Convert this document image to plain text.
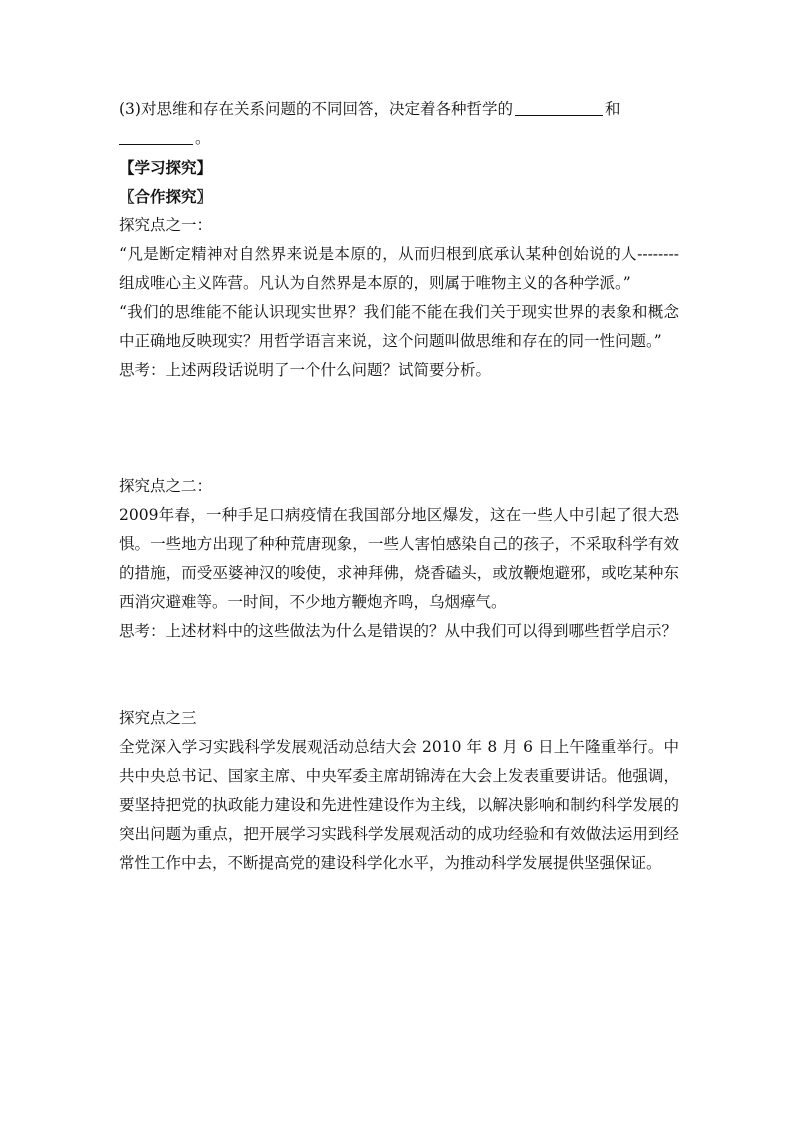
(3)对思维和存在关系问题的不同回答，决定着各种哲学的	和
。
【学习探究】
〖合作探究〗
探究点之一：
“凡是断定精神对自然界来说是本原的，从而归根到底承认某种创始说的人--------组成唯心主义阵营。凡认为自然界是本原的，则属于唯物主义的各种学派。”
“我们的思维能不能认识现实世界？我们能不能在我们关于现实世界的表象和概念中正确地反映现实？用哲学语言来说，这个问题叫做思维和存在的同一性问题。”
思考：上述两段话说明了一个什么问题？试简要分析。
探究点之二：
2009年春，一种手足口病疫情在我国部分地区爆发，这在一些人中引起了很大恐惧。一些地方出现了种种荒唐现象，一些人害怕感染自己的孩子，不采取科学有效的措施，而受巫婆神汉的唆使，求神拜佛，烧香磕头，或放鞭炮避邪，或吃某种东西消灾避难等。一时间，不少地方鞭炮齐鸣，乌烟瘴气。
思考：上述材料中的这些做法为什么是错误的？从中我们可以得到哪些哲学启示？
探究点之三
全党深入学习实践科学发展观活动总结大会 2010 年 8 月 6 日上午隆重举行。中共中央总书记、国家主席、中央军委主席胡锦涛在大会上发表重要讲话。他强调，要坚持把党的执政能力建设和先进性建设作为主线，以解决影响和制约科学发展的突出问题为重点，把开展学习实践科学发展观活动的成功经验和有效做法运用到经常性工作中去，不断提高党的建设科学化水平，为推动科学发展提供坚强保证。
